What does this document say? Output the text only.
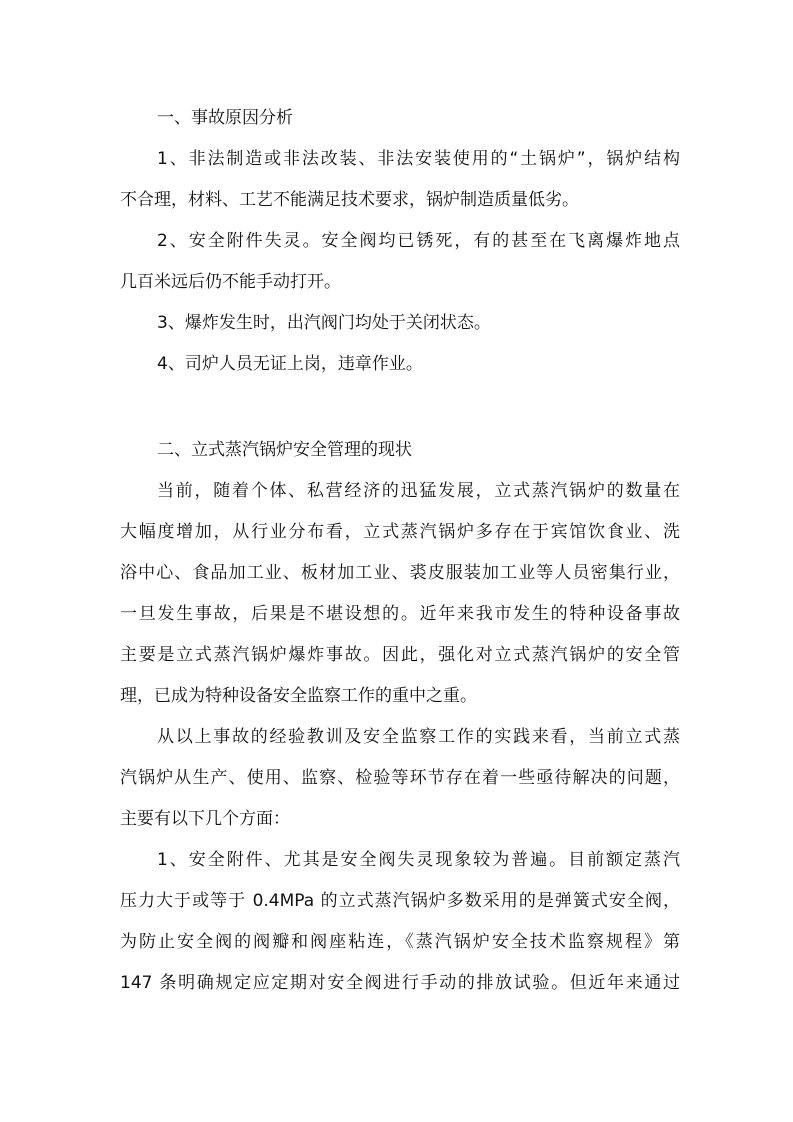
一、事故原因分析
1、非法制造或非法改装、非法安装使用的“土锅炉”，锅炉结构
不合理，材料、工艺不能满足技术要求，锅炉制造质量低劣。
2、安全附件失灵。安全阀均已锈死，有的甚至在飞离爆炸地点
几百米远后仍不能手动打开。
3、爆炸发生时，出汽阀门均处于关闭状态。
4、司炉人员无证上岗，违章作业。
二、立式蒸汽锅炉安全管理的现状
当前，随着个体、私营经济的迅猛发展，立式蒸汽锅炉的数量在
大幅度增加，从行业分布看，立式蒸汽锅炉多存在于宾馆饮食业、洗
浴中心、食品加工业、板材加工业、裘皮服装加工业等人员密集行业，
一旦发生事故，后果是不堪设想的。近年来我市发生的特种设备事故
主要是立式蒸汽锅炉爆炸事故。因此，强化对立式蒸汽锅炉的安全管
理，已成为特种设备安全监察工作的重中之重。
从以上事故的经验教训及安全监察工作的实践来看，当前立式蒸
汽锅炉从生产、使用、监察、检验等环节存在着一些亟待解决的问题，
主要有以下几个方面：
1、安全附件、尤其是安全阀失灵现象较为普遍。目前额定蒸汽
压力大于或等于 0.4MPa 的立式蒸汽锅炉多数采用的是弹簧式安全阀，
为防止安全阀的阀瓣和阀座粘连，《蒸汽锅炉安全技术监察规程》第
147 条明确规定应定期对安全阀进行手动的排放试验。但近年来通过
